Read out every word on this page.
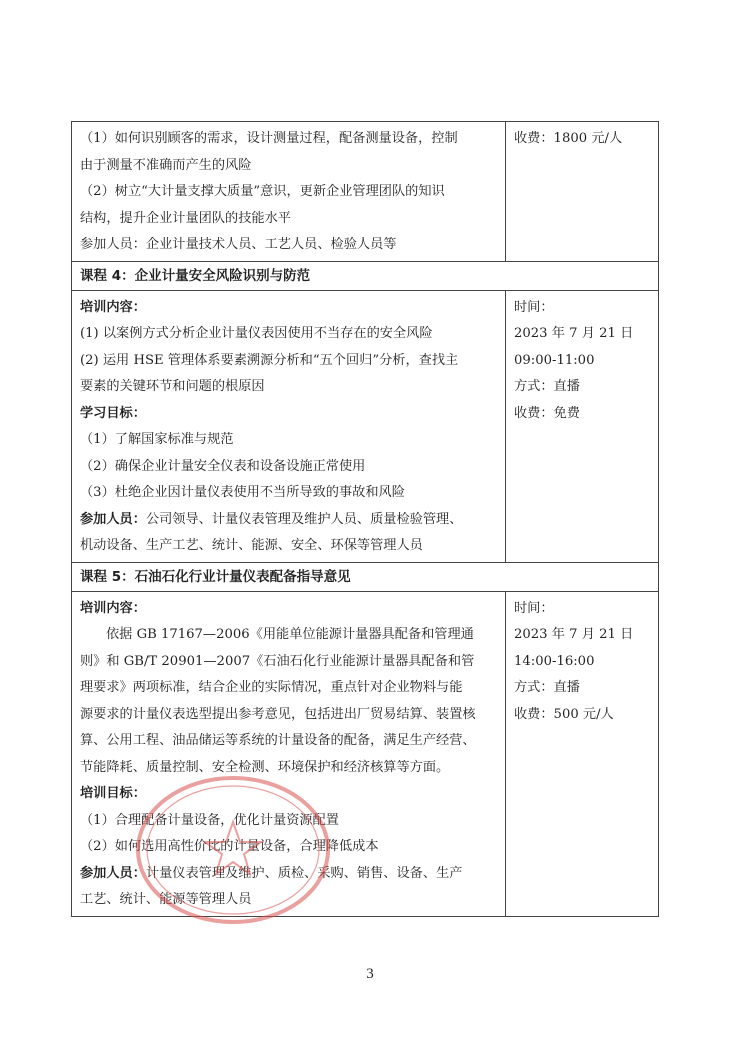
（1）如何识别顾客的需求，设计测量过程，配备测量设备，控制
由于测量不准确而产生的风险
（2）树立“大计量支撑大质量”意识，更新企业管理团队的知识
结构，提升企业计量团队的技能水平
参加人员：企业计量技术人员、工艺人员、检验人员等
收费：1800 元/人
课程 4：企业计量安全风险识别与防范
培训内容：
(1) 以案例方式分析企业计量仪表因使用不当存在的安全风险
(2) 运用 HSE 管理体系要素溯源分析和“五个回归”分析，查找主
要素的关键环节和问题的根原因
学习目标：
（1）了解国家标准与规范
（2）确保企业计量安全仪表和设备设施正常使用
（3）杜绝企业因计量仪表使用不当所导致的事故和风险
参加人员：公司领导、计量仪表管理及维护人员、质量检验管理、
机动设备、生产工艺、统计、能源、安全、环保等管理人员
时间：
2023 年 7 月 21 日
09:00-11:00
方式：直播
收费：免费
课程 5：石油石化行业计量仪表配备指导意见
培训内容：
依据 GB 17167—2006《用能单位能源计量器具配备和管理通
则》和 GB/T 20901—2007《石油石化行业能源计量器具配备和管
理要求》两项标准，结合企业的实际情况，重点针对企业物料与能
源要求的计量仪表选型提出参考意见，包括进出厂贸易结算、装置核
算、公用工程、油品储运等系统的计量设备的配备，满足生产经营、
节能降耗、质量控制、安全检测、环境保护和经济核算等方面。
培训目标：
（1）合理配备计量设备，优化计量资源配置
（2）如何选用高性价比的计量设备，合理降低成本
参加人员：计量仪表管理及维护、质检、采购、销售、设备、生产
工艺、统计、能源等管理人员
时间：
2023 年 7 月 21 日
14:00-16:00
方式：直播
收费：500 元/人
3
